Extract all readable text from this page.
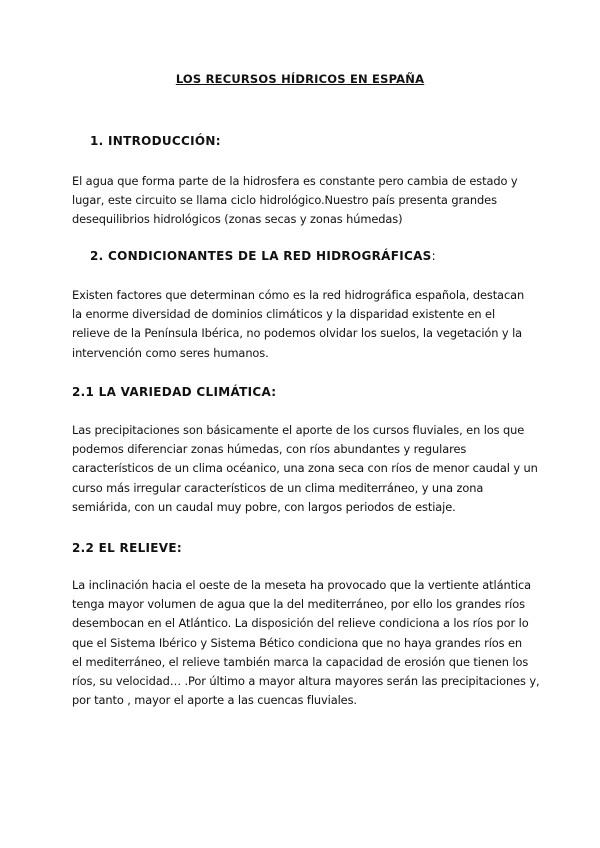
LOS RECURSOS HÍDRICOS EN ESPAÑA
1. INTRODUCCIÓN:
El agua que forma parte de la hidrosfera es constante pero cambia de estado y
lugar, este circuito se llama ciclo hidrológico.Nuestro país presenta grandes
desequilibrios hidrológicos (zonas secas y zonas húmedas)
2. CONDICIONANTES DE LA RED HIDROGRÁFICAS:
Existen factores que determinan cómo es la red hidrográfica española, destacan
la enorme diversidad de dominios climáticos y la disparidad existente en el
relieve de la Península Ibérica, no podemos olvidar los suelos, la vegetación y la
intervención como seres humanos.
2.1 LA VARIEDAD CLIMÁTICA:
Las precipitaciones son básicamente el aporte de los cursos fluviales, en los que
podemos diferenciar zonas húmedas, con ríos abundantes y regulares
característicos de un clima océanico, una zona seca con ríos de menor caudal y un
curso más irregular característicos de un clima mediterráneo, y una zona
semiárida, con un caudal muy pobre, con largos periodos de estiaje.
2.2 EL RELIEVE:
La inclinación hacia el oeste de la meseta ha provocado que la vertiente atlántica
tenga mayor volumen de agua que la del mediterráneo, por ello los grandes ríos
desembocan en el Atlántico. La disposición del relieve condiciona a los ríos por lo
que el Sistema Ibérico y Sistema Bético condiciona que no haya grandes ríos en
el mediterráneo, el relieve también marca la capacidad de erosión que tienen los
ríos, su velocidad… .Por último a mayor altura mayores serán las precipitaciones y,
por tanto , mayor el aporte a las cuencas fluviales.
